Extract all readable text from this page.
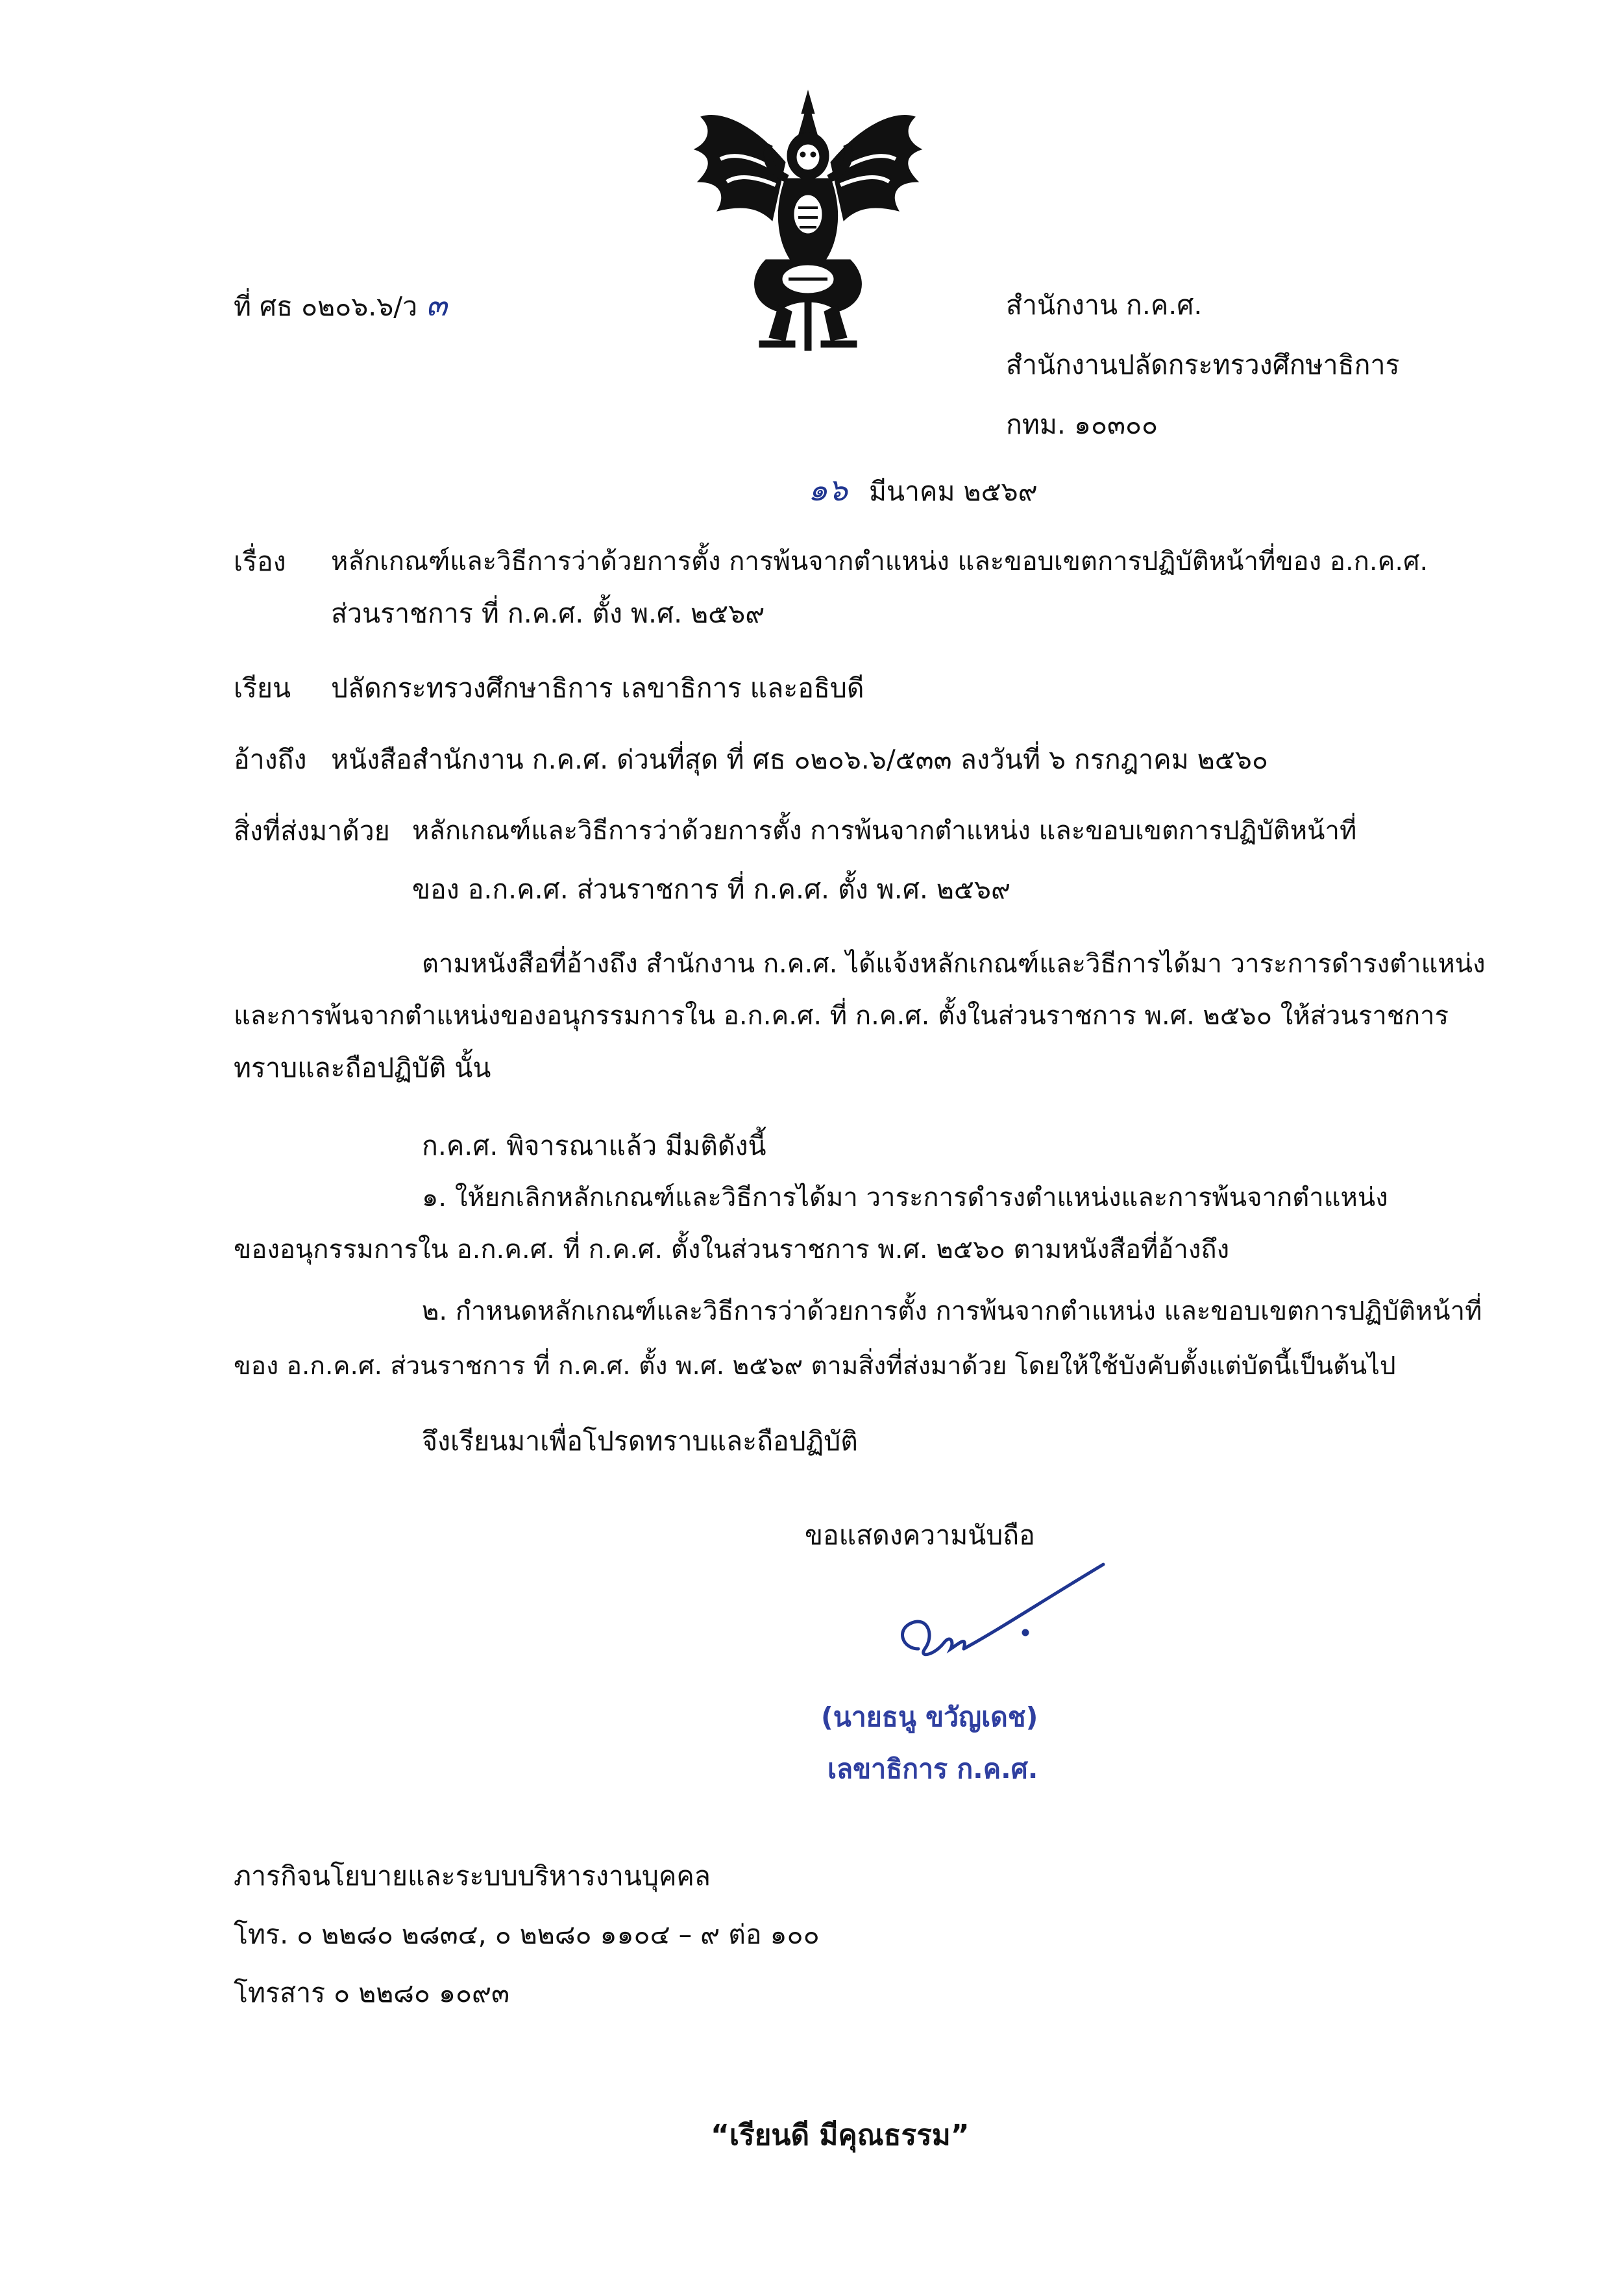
ที่ ศธ ๐๒๐๖.๖/ว ๓	สำนักงาน ก.ค.ศ.
สำนักงานปลัดกระทรวงศึกษาธิการ
กทม. ๑๐๓๐๐
๑๖ มีนาคม ๒๕๖๙
เรื่อง หลักเกณฑ์และวิธีการว่าด้วยการตั้ง การพ้นจากตำแหน่ง และขอบเขตการปฏิบัติหน้าที่ของ อ.ก.ค.ศ.
ส่วนราชการ ที่ ก.ค.ศ. ตั้ง พ.ศ. ๒๕๖๙
เรียน ปลัดกระทรวงศึกษาธิการ เลขาธิการ และอธิบดี
อ้างถึง หนังสือสำนักงาน ก.ค.ศ. ด่วนที่สุด ที่ ศธ ๐๒๐๖.๖/๕๓๓ ลงวันที่ ๖ กรกฎาคม ๒๕๖๐
สิ่งที่ส่งมาด้วย หลักเกณฑ์และวิธีการว่าด้วยการตั้ง การพ้นจากตำแหน่ง และขอบเขตการปฏิบัติหน้าที่
ของ อ.ก.ค.ศ. ส่วนราชการ ที่ ก.ค.ศ. ตั้ง พ.ศ. ๒๕๖๙
ตามหนังสือที่อ้างถึง สำนักงาน ก.ค.ศ. ได้แจ้งหลักเกณฑ์และวิธีการได้มา วาระการดำรงตำแหน่ง
และการพ้นจากตำแหน่งของอนุกรรมการใน อ.ก.ค.ศ. ที่ ก.ค.ศ. ตั้งในส่วนราชการ พ.ศ. ๒๕๖๐ ให้ส่วนราชการ
ทราบและถือปฏิบัติ นั้น
ก.ค.ศ. พิจารณาแล้ว มีมติดังนี้
๑. ให้ยกเลิกหลักเกณฑ์และวิธีการได้มา วาระการดำรงตำแหน่งและการพ้นจากตำแหน่ง
ของอนุกรรมการใน อ.ก.ค.ศ. ที่ ก.ค.ศ. ตั้งในส่วนราชการ พ.ศ. ๒๕๖๐ ตามหนังสือที่อ้างถึง
๒. กำหนดหลักเกณฑ์และวิธีการว่าด้วยการตั้ง การพ้นจากตำแหน่ง และขอบเขตการปฏิบัติหน้าที่
ของ อ.ก.ค.ศ. ส่วนราชการ ที่ ก.ค.ศ. ตั้ง พ.ศ. ๒๕๖๙ ตามสิ่งที่ส่งมาด้วย โดยให้ใช้บังคับตั้งแต่บัดนี้เป็นต้นไป
จึงเรียนมาเพื่อโปรดทราบและถือปฏิบัติ
ขอแสดงความนับถือ
(นายธนู ขวัญเดช)
เลขาธิการ ก.ค.ศ.
ภารกิจนโยบายและระบบบริหารงานบุคคล
โทร. ๐ ๒๒๘๐ ๒๘๓๔, ๐ ๒๒๘๐ ๑๑๐๔ – ๙ ต่อ ๑๐๐
โทรสาร ๐ ๒๒๘๐ ๑๐๙๓
“เรียนดี มีคุณธรรม”
